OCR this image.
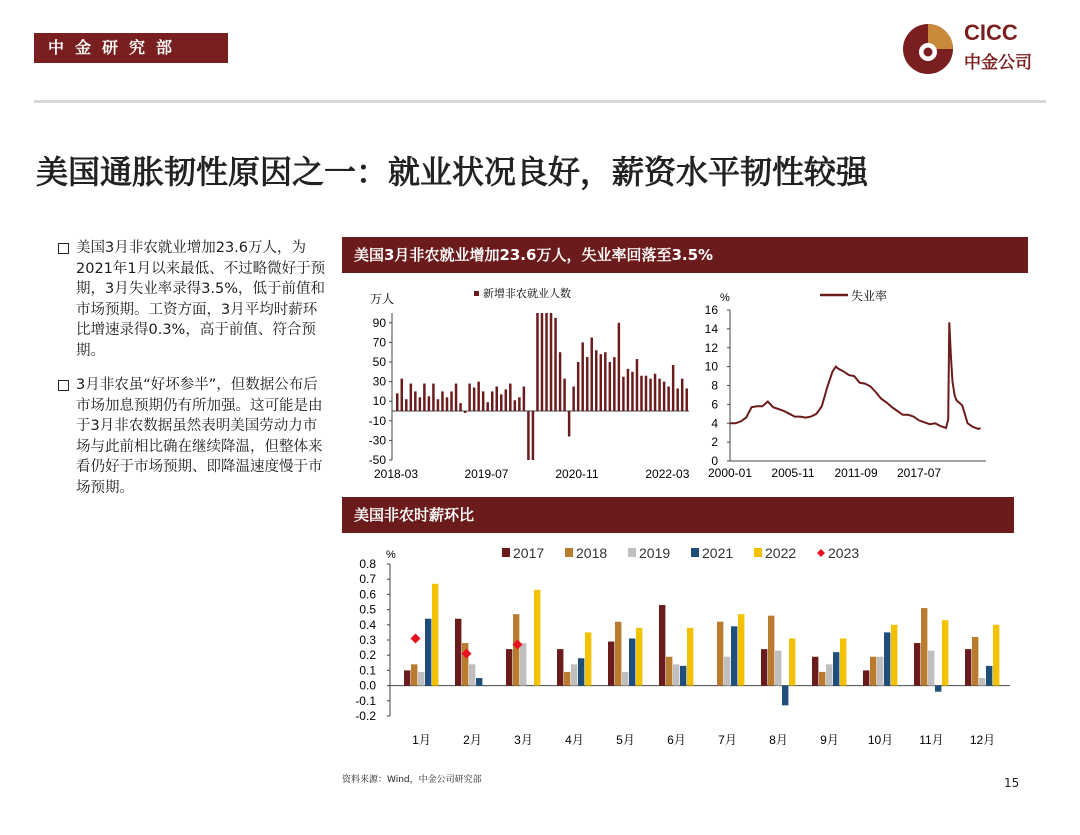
中金研究部
CICC
中金公司
美国通胀韧性原因之一：就业状况良好，薪资水平韧性较强
美国3月非农就业增加23.6万人，为2021年1月以来最低、不过略微好于预期，3月失业率录得3.5%，低于前值和市场预期。工资方面，3月平均时薪环比增速录得0.3%，高于前值、符合预期。
3月非农虽“好坏参半”，但数据公布后市场加息预期仍有所加强。这可能是由于3月非农数据虽然表明美国劳动力市场与此前相比确在继续降温，但整体来看仍好于市场预期、即降温速度慢于市场预期。
美国3月非农就业增加23.6万人，失业率回落至3.5%
美国非农时薪环比
万人	新增非农就业人数
90
70
50
30
10
-10
-30
-50
2018-03	2019-07	2020-11	2022-03
%	失业率
16
14
12
10
8
6
4
2
0
2000-01 2005-11 2011-09 2017-07
%	2017 2018 2019 2021 2022 2023
0.8
0.7
0.6
0.5
0.4
0.3
0.2
0.1
0.0
-0.1
-0.2
1月	2月	3月	4月	5月	6月	7月	8月	9月 10月 11月 12月
资料来源：Wind，中金公司研究部	15
